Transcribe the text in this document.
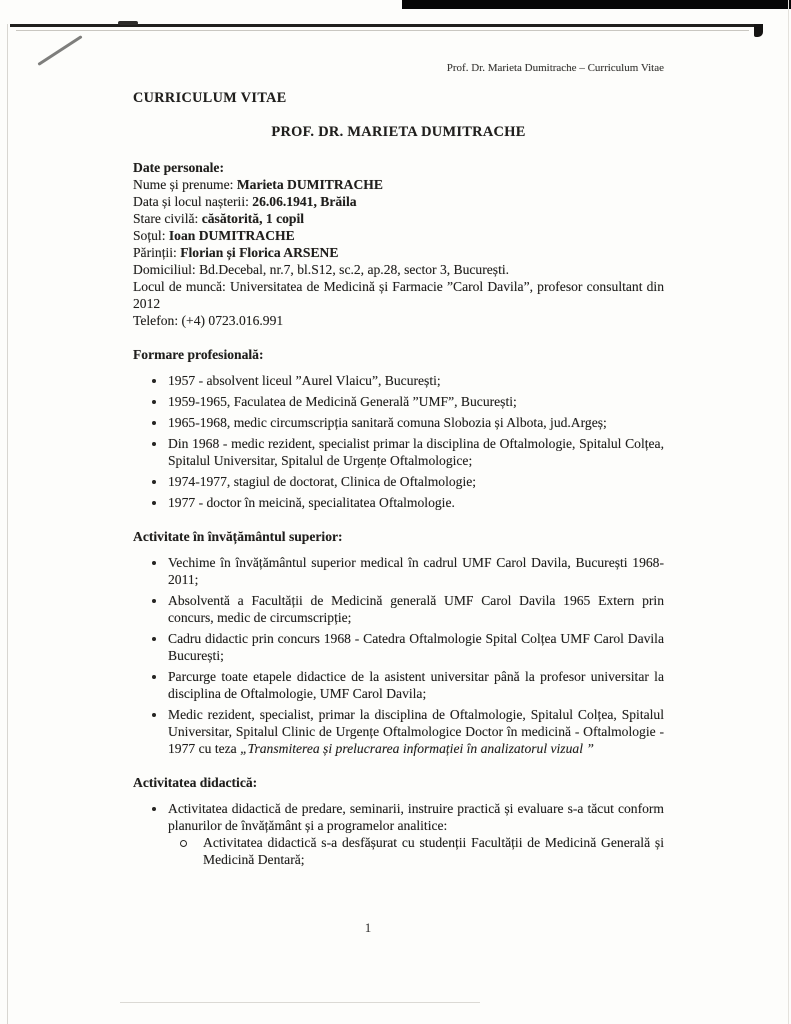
Prof. Dr. Marieta Dumitrache – Curriculum Vitae
CURRICULUM VITAE
PROF. DR. MARIETA DUMITRACHE
Date personale:
Nume și prenume: Marieta DUMITRACHE
Data și locul nașterii: 26.06.1941, Brăila
Stare civilă: căsătorită, 1 copil
Soțul: Ioan DUMITRACHE
Părinții: Florian și Florica ARSENE
Domiciliul: Bd.Decebal, nr.7, bl.S12, sc.2, ap.28, sector 3, București.
Locul de muncă: Universitatea de Medicină și Farmacie ”Carol Davila”, profesor consultant din 2012
Telefon: (+4) 0723.016.991
Formare profesională:
1957 - absolvent liceul ”Aurel Vlaicu”, București;
1959-1965, Faculatea de Medicină Generală ”UMF”, București;
1965-1968, medic circumscripția sanitară comuna Slobozia și Albota, jud.Argeș;
Din 1968 - medic rezident, specialist primar la disciplina de Oftalmologie, Spitalul Colțea, Spitalul Universitar, Spitalul de Urgențe Oftalmologice;
1974-1977, stagiul de doctorat, Clinica de Oftalmologie;
1977 - doctor în meicină, specialitatea Oftalmologie.
Activitate în învățământul superior:
Vechime în învățământul superior medical în cadrul UMF Carol Davila, București 1968-2011;
Absolventă a Facultății de Medicină generală UMF Carol Davila 1965 Extern prin concurs, medic de circumscripție;
Cadru didactic prin concurs 1968 - Catedra Oftalmologie Spital Colțea UMF Carol Davila București;
Parcurge toate etapele didactice de la asistent universitar până la profesor universitar la disciplina de Oftalmologie, UMF Carol Davila;
Medic rezident, specialist, primar la disciplina de Oftalmologie, Spitalul Colțea, Spitalul Universitar, Spitalul Clinic de Urgențe Oftalmologice Doctor în medicină - Oftalmologie - 1977 cu teza „Transmiterea și prelucrarea informației în analizatorul vizual ”
Activitatea didactică:
Activitatea didactică de predare, seminarii, instruire practică și evaluare s-a tăcut conform planurilor de învățământ și a programelor analitice:
Activitatea didactică s-a desfășurat cu studenții Facultății de Medicină Generală și Medicină Dentară;
1
